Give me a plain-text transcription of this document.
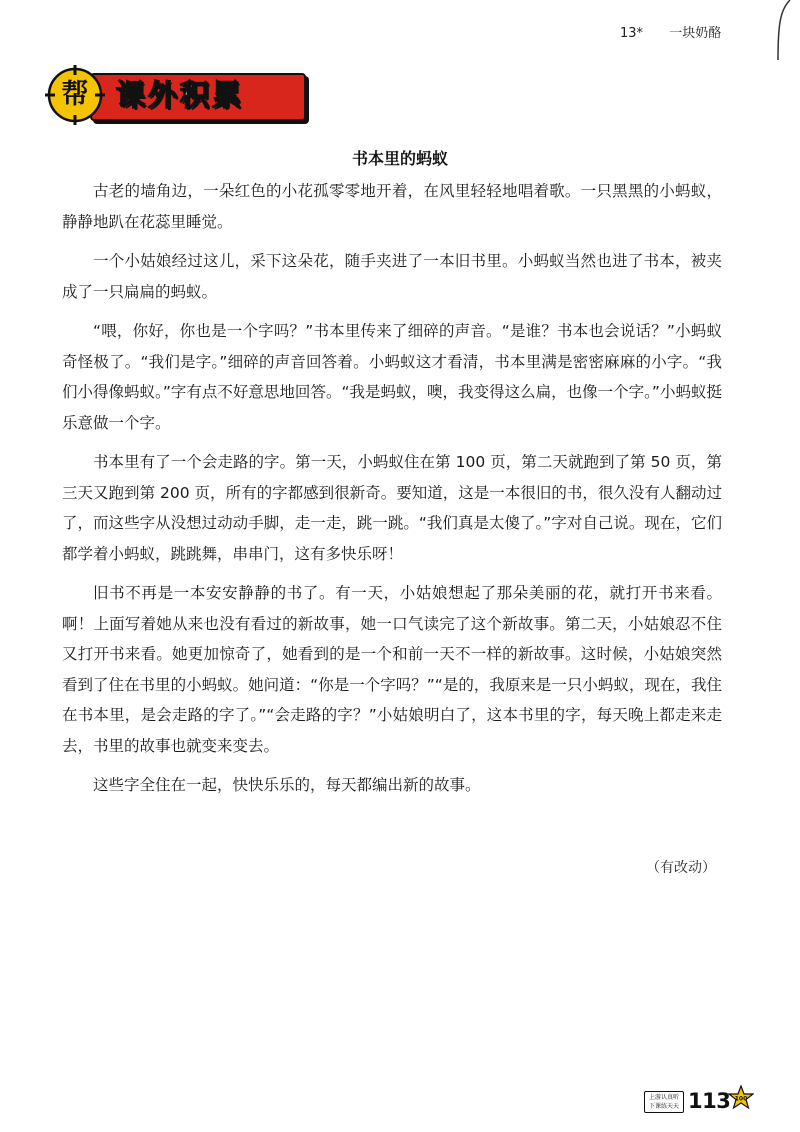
13* 一块奶酪
课外积累
帮
书本里的蚂蚁

古老的墙角边，一朵红色的小花孤零零地开着，在风里轻轻地唱着歌。一只黑黑的小蚂蚁，静静地趴在花蕊里睡觉。

一个小姑娘经过这儿，采下这朵花，随手夹进了一本旧书里。小蚂蚁当然也进了书本，被夹成了一只扁扁的蚂蚁。

“喂，你好，你也是一个字吗？”书本里传来了细碎的声音。“是谁？书本也会说话？”小蚂蚁奇怪极了。“我们是字。”细碎的声音回答着。小蚂蚁这才看清，书本里满是密密麻麻的小字。“我们小得像蚂蚁。”字有点不好意思地回答。“我是蚂蚁，噢，我变得这么扁，也像一个字。”小蚂蚁挺乐意做一个字。

书本里有了一个会走路的字。第一天，小蚂蚁住在第 100 页，第二天就跑到了第 50 页，第三天又跑到第 200 页，所有的字都感到很新奇。要知道，这是一本很旧的书，很久没有人翻动过了，而这些字从没想过动动手脚，走一走，跳一跳。“我们真是太傻了。”字对自己说。现在，它们都学着小蚂蚁，跳跳舞，串串门，这有多快乐呀！

旧书不再是一本安安静静的书了。有一天，小姑娘想起了那朵美丽的花，就打开书来看。啊！上面写着她从来也没有看过的新故事，她一口气读完了这个新故事。第二天，小姑娘忍不住又打开书来看。她更加惊奇了，她看到的是一个和前一天不一样的新故事。这时候，小姑娘突然看到了住在书里的小蚂蚁。她问道：“你是一个字吗？”“是的，我原来是一只小蚂蚁，现在，我住在书本里，是会走路的字了。”“会走路的字？”小姑娘明白了，这本书里的字，每天晚上都走来走去，书里的故事也就变来变去。

这些字全住在一起，快快乐乐的，每天都编出新的故事。

（有改动）
上游认真听
下课练天天 113 100
